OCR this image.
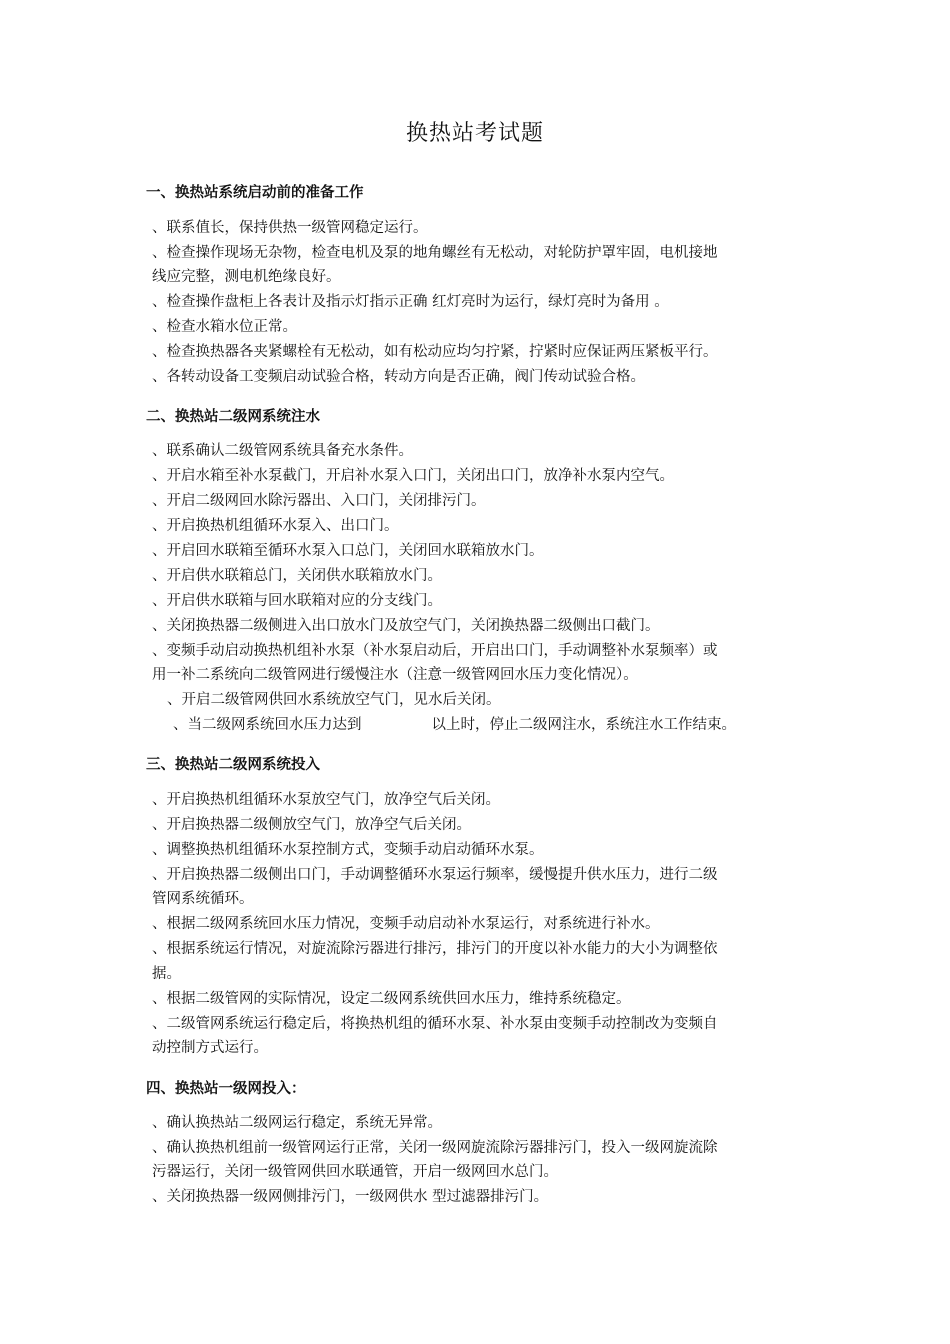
换热站考试题
一、换热站系统启动前的准备工作
、联系值长，保持供热一级管网稳定运行。
、检查操作现场无杂物，检查电机及泵的地角螺丝有无松动，对轮防护罩牢固，电机接地
线应完整，测电机绝缘良好。
、检查操作盘柜上各表计及指示灯指示正确 红灯亮时为运行，绿灯亮时为备用 。
、检查水箱水位正常。
、检查换热器各夹紧螺栓有无松动，如有松动应均匀拧紧，拧紧时应保证两压紧板平行。
、各转动设备工变频启动试验合格，转动方向是否正确，阀门传动试验合格。
二、换热站二级网系统注水
、联系确认二级管网系统具备充水条件。
、开启水箱至补水泵截门，开启补水泵入口门，关闭出口门，放净补水泵内空气。
、开启二级网回水除污器出、入口门，关闭排污门。
、开启换热机组循环水泵入、出口门。
、开启回水联箱至循环水泵入口总门，关闭回水联箱放水门。
、开启供水联箱总门，关闭供水联箱放水门。
、开启供水联箱与回水联箱对应的分支线门。
、关闭换热器二级侧进入出口放水门及放空气门，关闭换热器二级侧出口截门。
、变频手动启动换热机组补水泵（补水泵启动后，开启出口门，手动调整补水泵频率）或
用一补二系统向二级管网进行缓慢注水（注意一级管网回水压力变化情况）。
、开启二级管网供回水系统放空气门，见水后关闭。
、当二级网系统回水压力达到	以上时，停止二级网注水，系统注水工作结束。
三、换热站二级网系统投入
、开启换热机组循环水泵放空气门，放净空气后关闭。
、开启换热器二级侧放空气门，放净空气后关闭。
、调整换热机组循环水泵控制方式，变频手动启动循环水泵。
、开启换热器二级侧出口门，手动调整循环水泵运行频率，缓慢提升供水压力，进行二级
管网系统循环。
、根据二级网系统回水压力情况，变频手动启动补水泵运行，对系统进行补水。
、根据系统运行情况，对旋流除污器进行排污，排污门的开度以补水能力的大小为调整依
据。
、根据二级管网的实际情况，设定二级网系统供回水压力，维持系统稳定。
、二级管网系统运行稳定后，将换热机组的循环水泵、补水泵由变频手动控制改为变频自
动控制方式运行。
四、换热站一级网投入：
、确认换热站二级网运行稳定，系统无异常。
、确认换热机组前一级管网运行正常，关闭一级网旋流除污器排污门，投入一级网旋流除
污器运行，关闭一级管网供回水联通管，开启一级网回水总门。
、关闭换热器一级网侧排污门，一级网供水 型过滤器排污门。
